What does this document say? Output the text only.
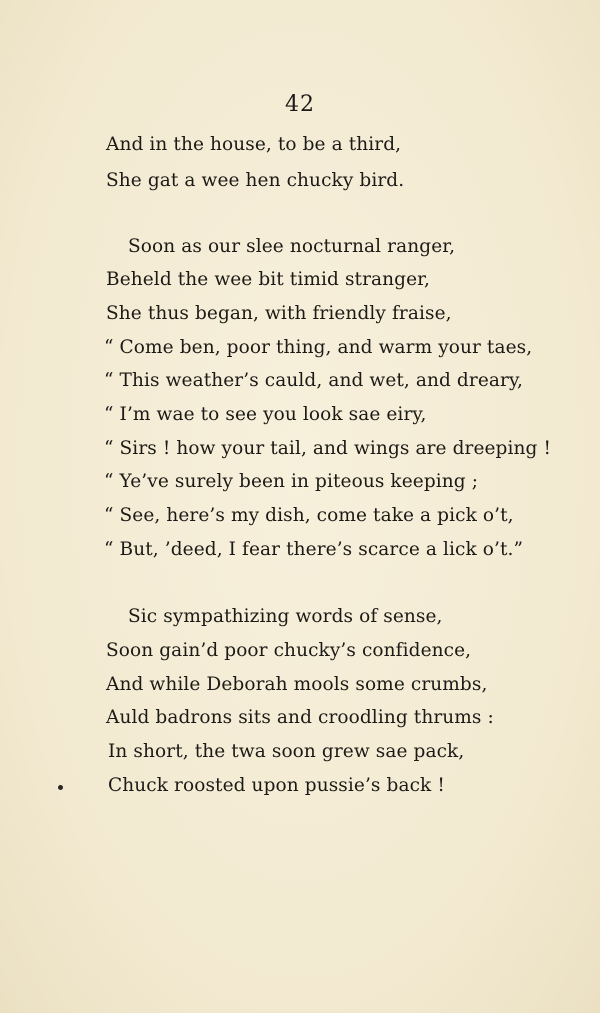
42
And in the house, to be a third,
She gat a wee hen chucky bird.
Soon as our slee nocturnal ranger,
Beheld the wee bit timid stranger,
She thus began, with friendly fraise,
“ Come ben, poor thing, and warm your taes,
“ This weather’s cauld, and wet, and dreary,
“ I’m wae to see you look sae eiry,
“ Sirs ! how your tail, and wings are dreeping !
“ Ye’ve surely been in piteous keeping ;
“ See, here’s my dish, come take a pick o’t,
“ But, ’deed, I fear there’s scarce a lick o’t.”
Sic sympathizing words of sense,
Soon gain’d poor chucky’s confidence,
And while Deborah mools some crumbs,
Auld badrons sits and croodling thrums :
In short, the twa soon grew sae pack,
Chuck roosted upon pussie’s back !
